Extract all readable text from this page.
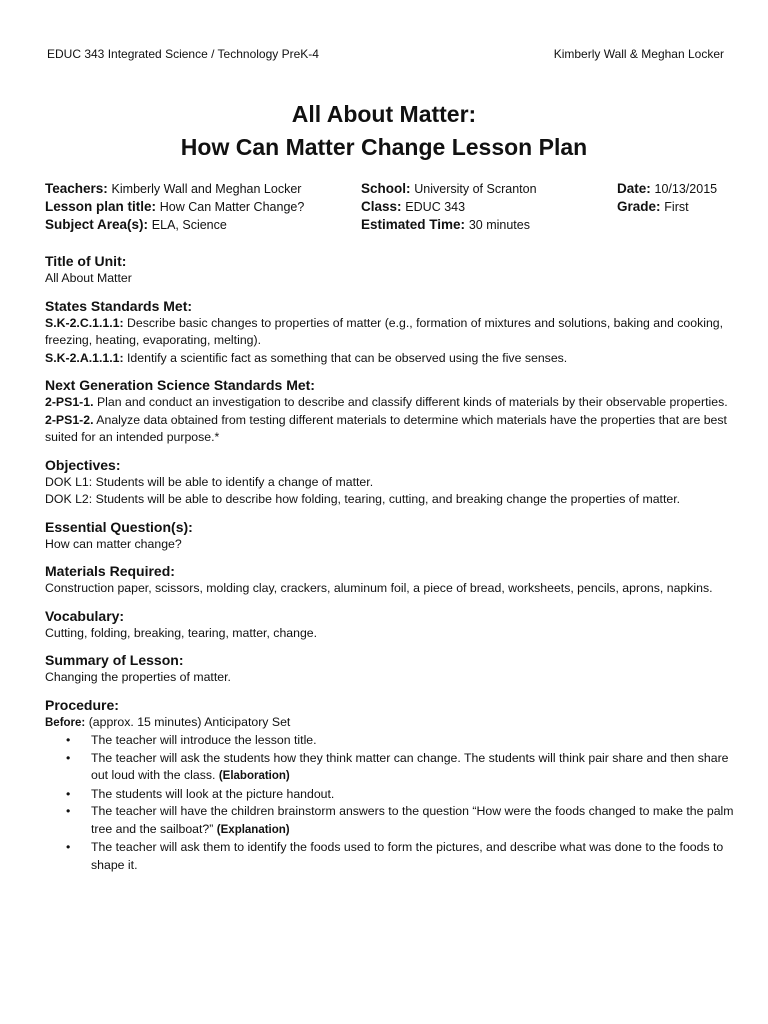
EDUC 343 Integrated Science / Technology PreK-4	Kimberly Wall & Meghan Locker
All About Matter:
How Can Matter Change Lesson Plan
Teachers: Kimberly Wall and Meghan Locker
Lesson plan title: How Can Matter Change?
Subject Area(s): ELA, Science
School: University of Scranton
Class: EDUC 343
Estimated Time: 30 minutes
Date: 10/13/2015
Grade: First

Title of Unit:

All About Matter

States Standards Met:

S.K-2.C.1.1.1: Describe basic changes to properties of matter (e.g., formation of mixtures and solutions, baking and cooking, freezing, heating, evaporating, melting).

S.K-2.A.1.1.1: Identify a scientific fact as something that can be observed using the five senses.

Next Generation Science Standards Met:

2-PS1-1. Plan and conduct an investigation to describe and classify different kinds of materials by their observable properties.

2-PS1-2. Analyze data obtained from testing different materials to determine which materials have the properties that are best suited for an intended purpose.*

Objectives:

DOK L1: Students will be able to identify a change of matter.

DOK L2: Students will be able to describe how folding, tearing, cutting, and breaking change the properties of matter.

Essential Question(s):

How can matter change?

Materials Required:

Construction paper, scissors, molding clay, crackers, aluminum foil, a piece of bread, worksheets, pencils, aprons, napkins.

Vocabulary:

Cutting, folding, breaking, tearing, matter, change.

Summary of Lesson:

Changing the properties of matter.

Procedure:

Before: (approx. 15 minutes) Anticipatory Set

• The teacher will introduce the lesson title.
• The teacher will ask the students how they think matter can change. The students will think pair share and then share out loud with the class. (Elaboration)
• The students will look at the picture handout.
• The teacher will have the children brainstorm answers to the question “How were the foods changed to make the palm tree and the sailboat?” (Explanation)
• The teacher will ask them to identify the foods used to form the pictures, and describe what was done to the foods to shape it.
